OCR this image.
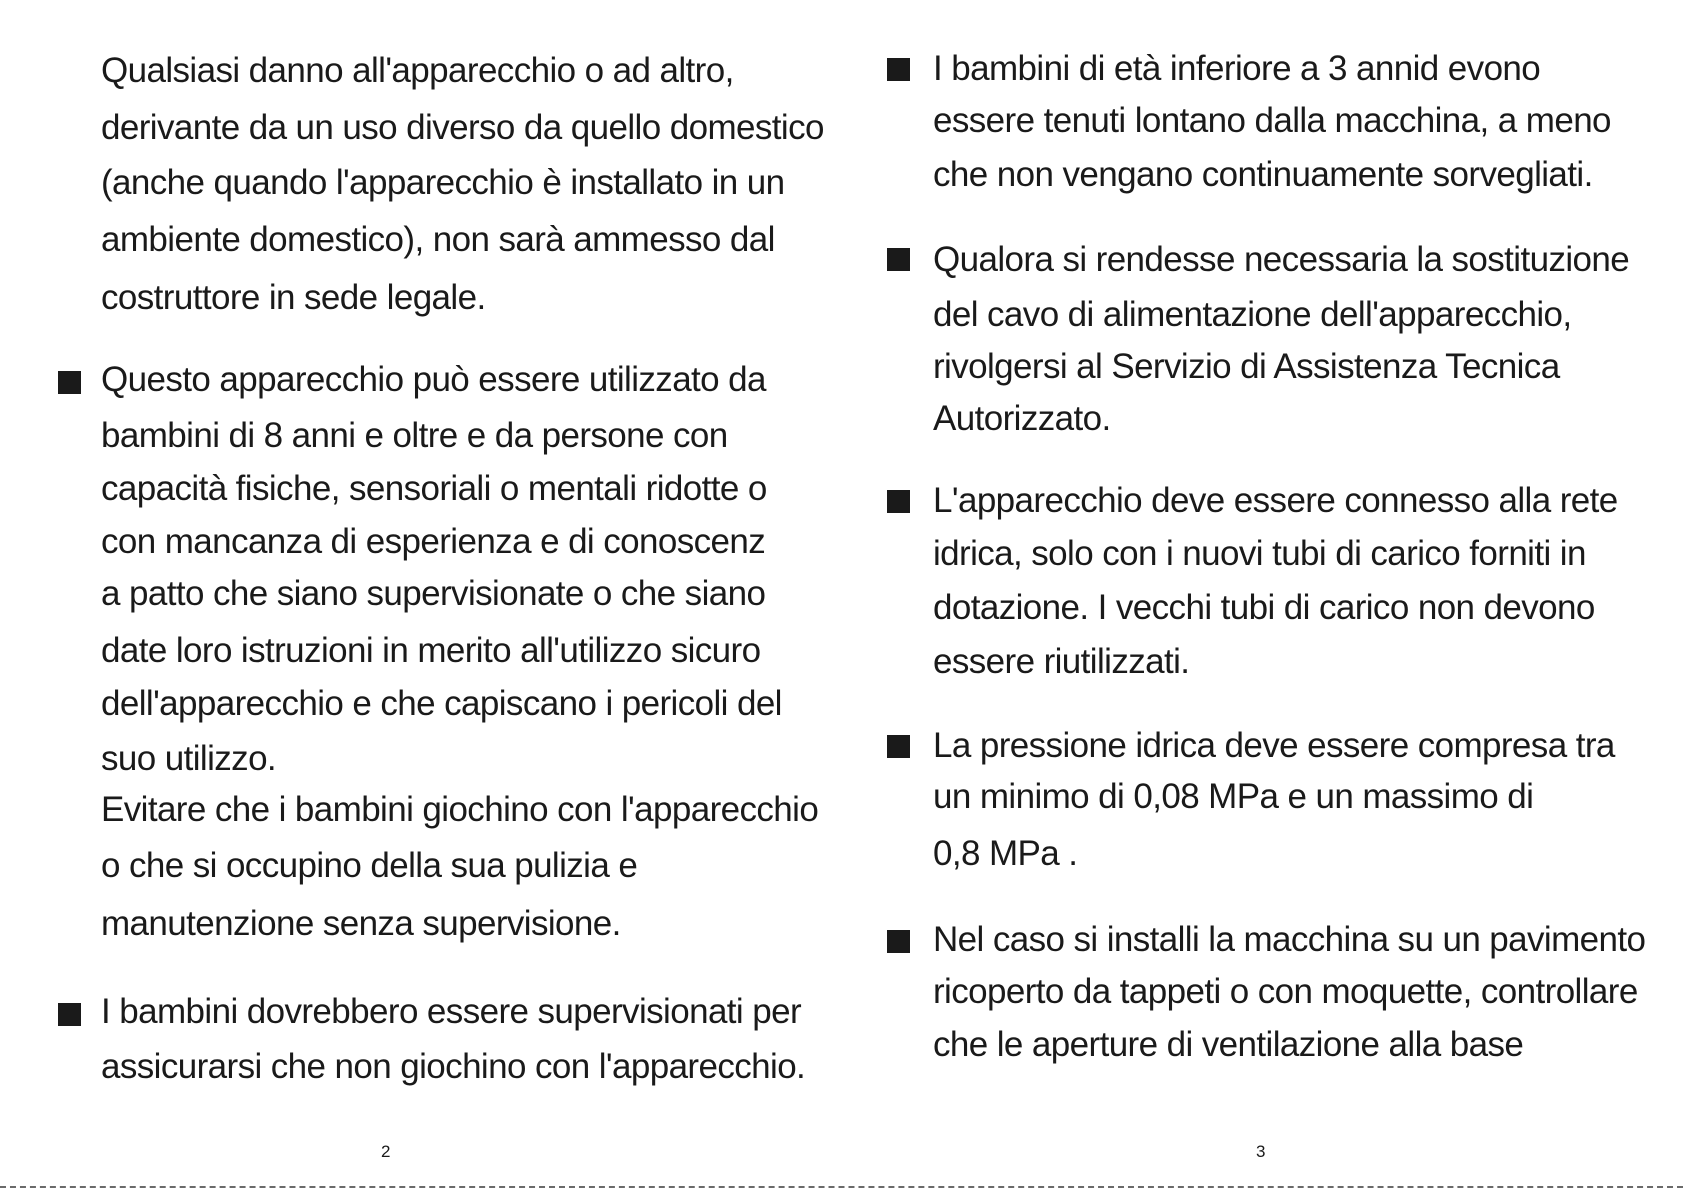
Qualsiasi danno all'apparecchio o ad altro,
derivante da un uso diverso da quello domestico
(anche quando l'apparecchio è installato in un
ambiente domestico), non sarà ammesso dal
costruttore in sede legale.
Questo apparecchio può essere utilizzato da
bambini di 8 anni e oltre e da persone con
capacità fisiche, sensoriali o mentali ridotte o
con mancanza di esperienza e di conoscenz
a patto che siano supervisionate o che siano
date loro istruzioni in merito all'utilizzo sicuro
dell'apparecchio e che capiscano i pericoli del
suo utilizzo.
Evitare che i bambini giochino con l'apparecchio
o che si occupino della sua pulizia e
manutenzione senza supervisione.
I bambini dovrebbero essere supervisionati per
assicurarsi che non giochino con l'apparecchio.
2
I bambini di età inferiore a 3 annid evono
essere tenuti lontano dalla macchina, a meno
che non vengano continuamente sorvegliati.
Qualora si rendesse necessaria la sostituzione
del cavo di alimentazione dell'apparecchio,
rivolgersi al Servizio di Assistenza Tecnica
Autorizzato.
L'apparecchio deve essere connesso alla rete
idrica, solo con i nuovi tubi di carico forniti in
dotazione. I vecchi tubi di carico non devono
essere riutilizzati.
La pressione idrica deve essere compresa tra
un minimo di 0,08 MPa e un massimo di
0,8 MPa .
Nel caso si installi la macchina su un pavimento
ricoperto da tappeti o con moquette, controllare
che le aperture di ventilazione alla base
3
